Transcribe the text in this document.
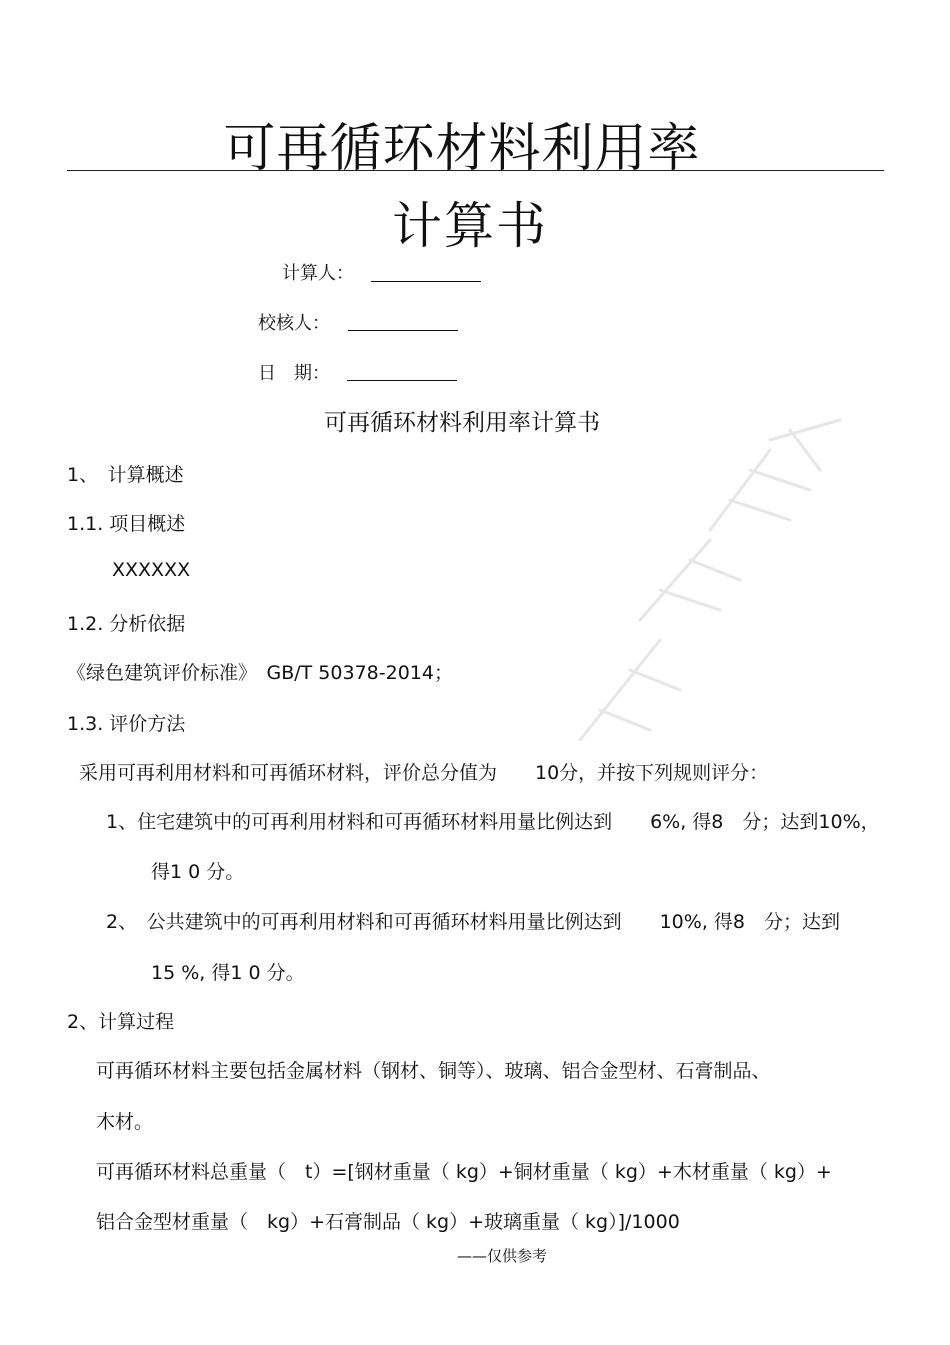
可再循环材料利用率
计算书
计算人：
校核人：
日　期：
可再循环材料利用率计算书
1、　计算概述
1.1. 项目概述
XXXXXX
1.2. 分析依据
《绿色建筑评价标准》　GB/T 50378-2014；
1.3. 评价方法
采用可再利用材料和可再循环材料，评价总分值为　　10分，并按下列规则评分：
1、住宅建筑中的可再利用材料和可再循环材料用量比例达到　　6%, 得8　分；达到10%，
得1 0 分。
2、　公共建筑中的可再利用材料和可再循环材料用量比例达到　　10%, 得8　分；达到
15 %, 得1 0 分。
2、计算过程
可再循环材料主要包括金属材料（钢材、铜等）、玻璃、铝合金型材、石膏制品、
木材。
可再循环材料总重量（　t）=[钢材重量（ kg）+铜材重量（ kg）+木材重量（ kg）+
铝合金型材重量（　kg）+石膏制品（ kg）+玻璃重量（ kg）]/1000
——仅供参考
